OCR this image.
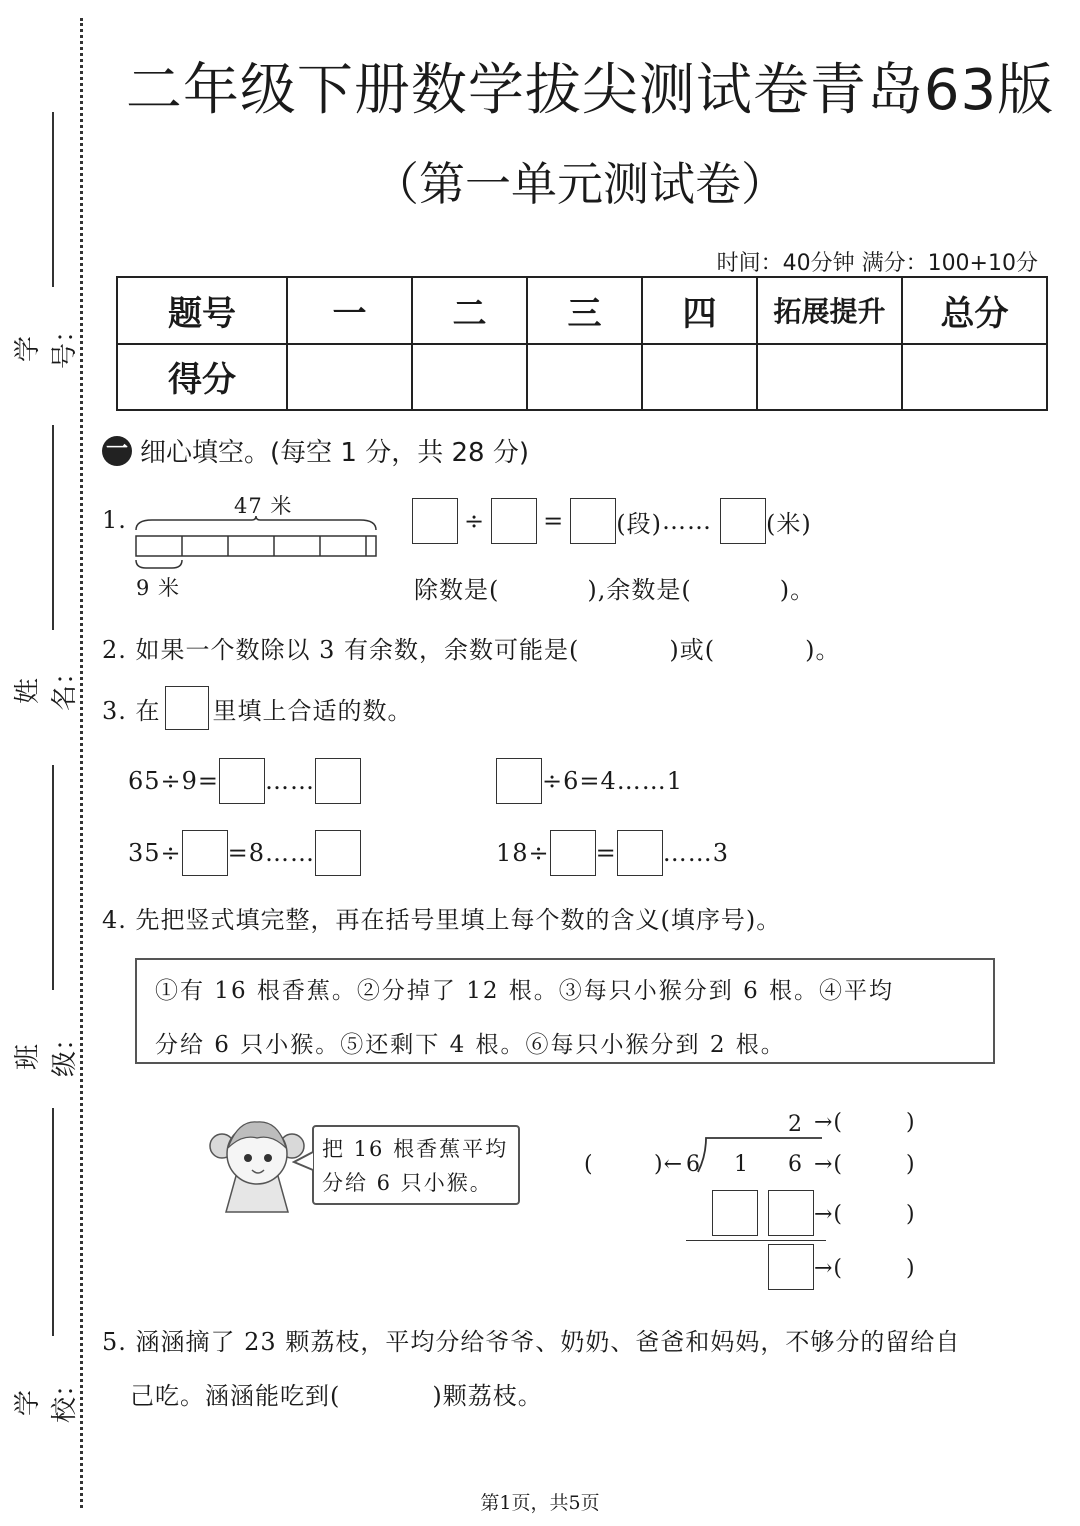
学号：
姓名：
班级：
学校：
二年级下册数学拔尖测试卷青岛63版
（第一单元测试卷）
时间：40分钟 满分：100+10分
题号	一	二	三	四	拓展提升	总分
得分						
一 细心填空。(每空 1 分，共 28 分)
1.	47 米
9 米
÷ = (段) …… (米)
除数是(	),余数是(	)。
2. 如果一个数除以 3 有余数，余数可能是(	)或(	)。
3. 在 里填上合适的数。
65÷9= ……	÷6=4……1
35÷ =8……	18÷ = ……3
4. 先把竖式填完整，再在括号里填上每个数的含义(填序号)。
①有 16 根香蕉。②分掉了 12 根。③每只小猴分到 6 根。④平均
分给 6 只小猴。⑤还剩下 4 根。⑥每只小猴分到 2 根。
把 16 根香蕉平均
分给 6 只小猴。
2 →(	)
(	)← 6 1 6 →(	)
→(	)
→(	)
5. 涵涵摘了 23 颗荔枝，平均分给爷爷、奶奶、爸爸和妈妈，不够分的留给自
己吃。涵涵能吃到(	)颗荔枝。
第1页，共5页
